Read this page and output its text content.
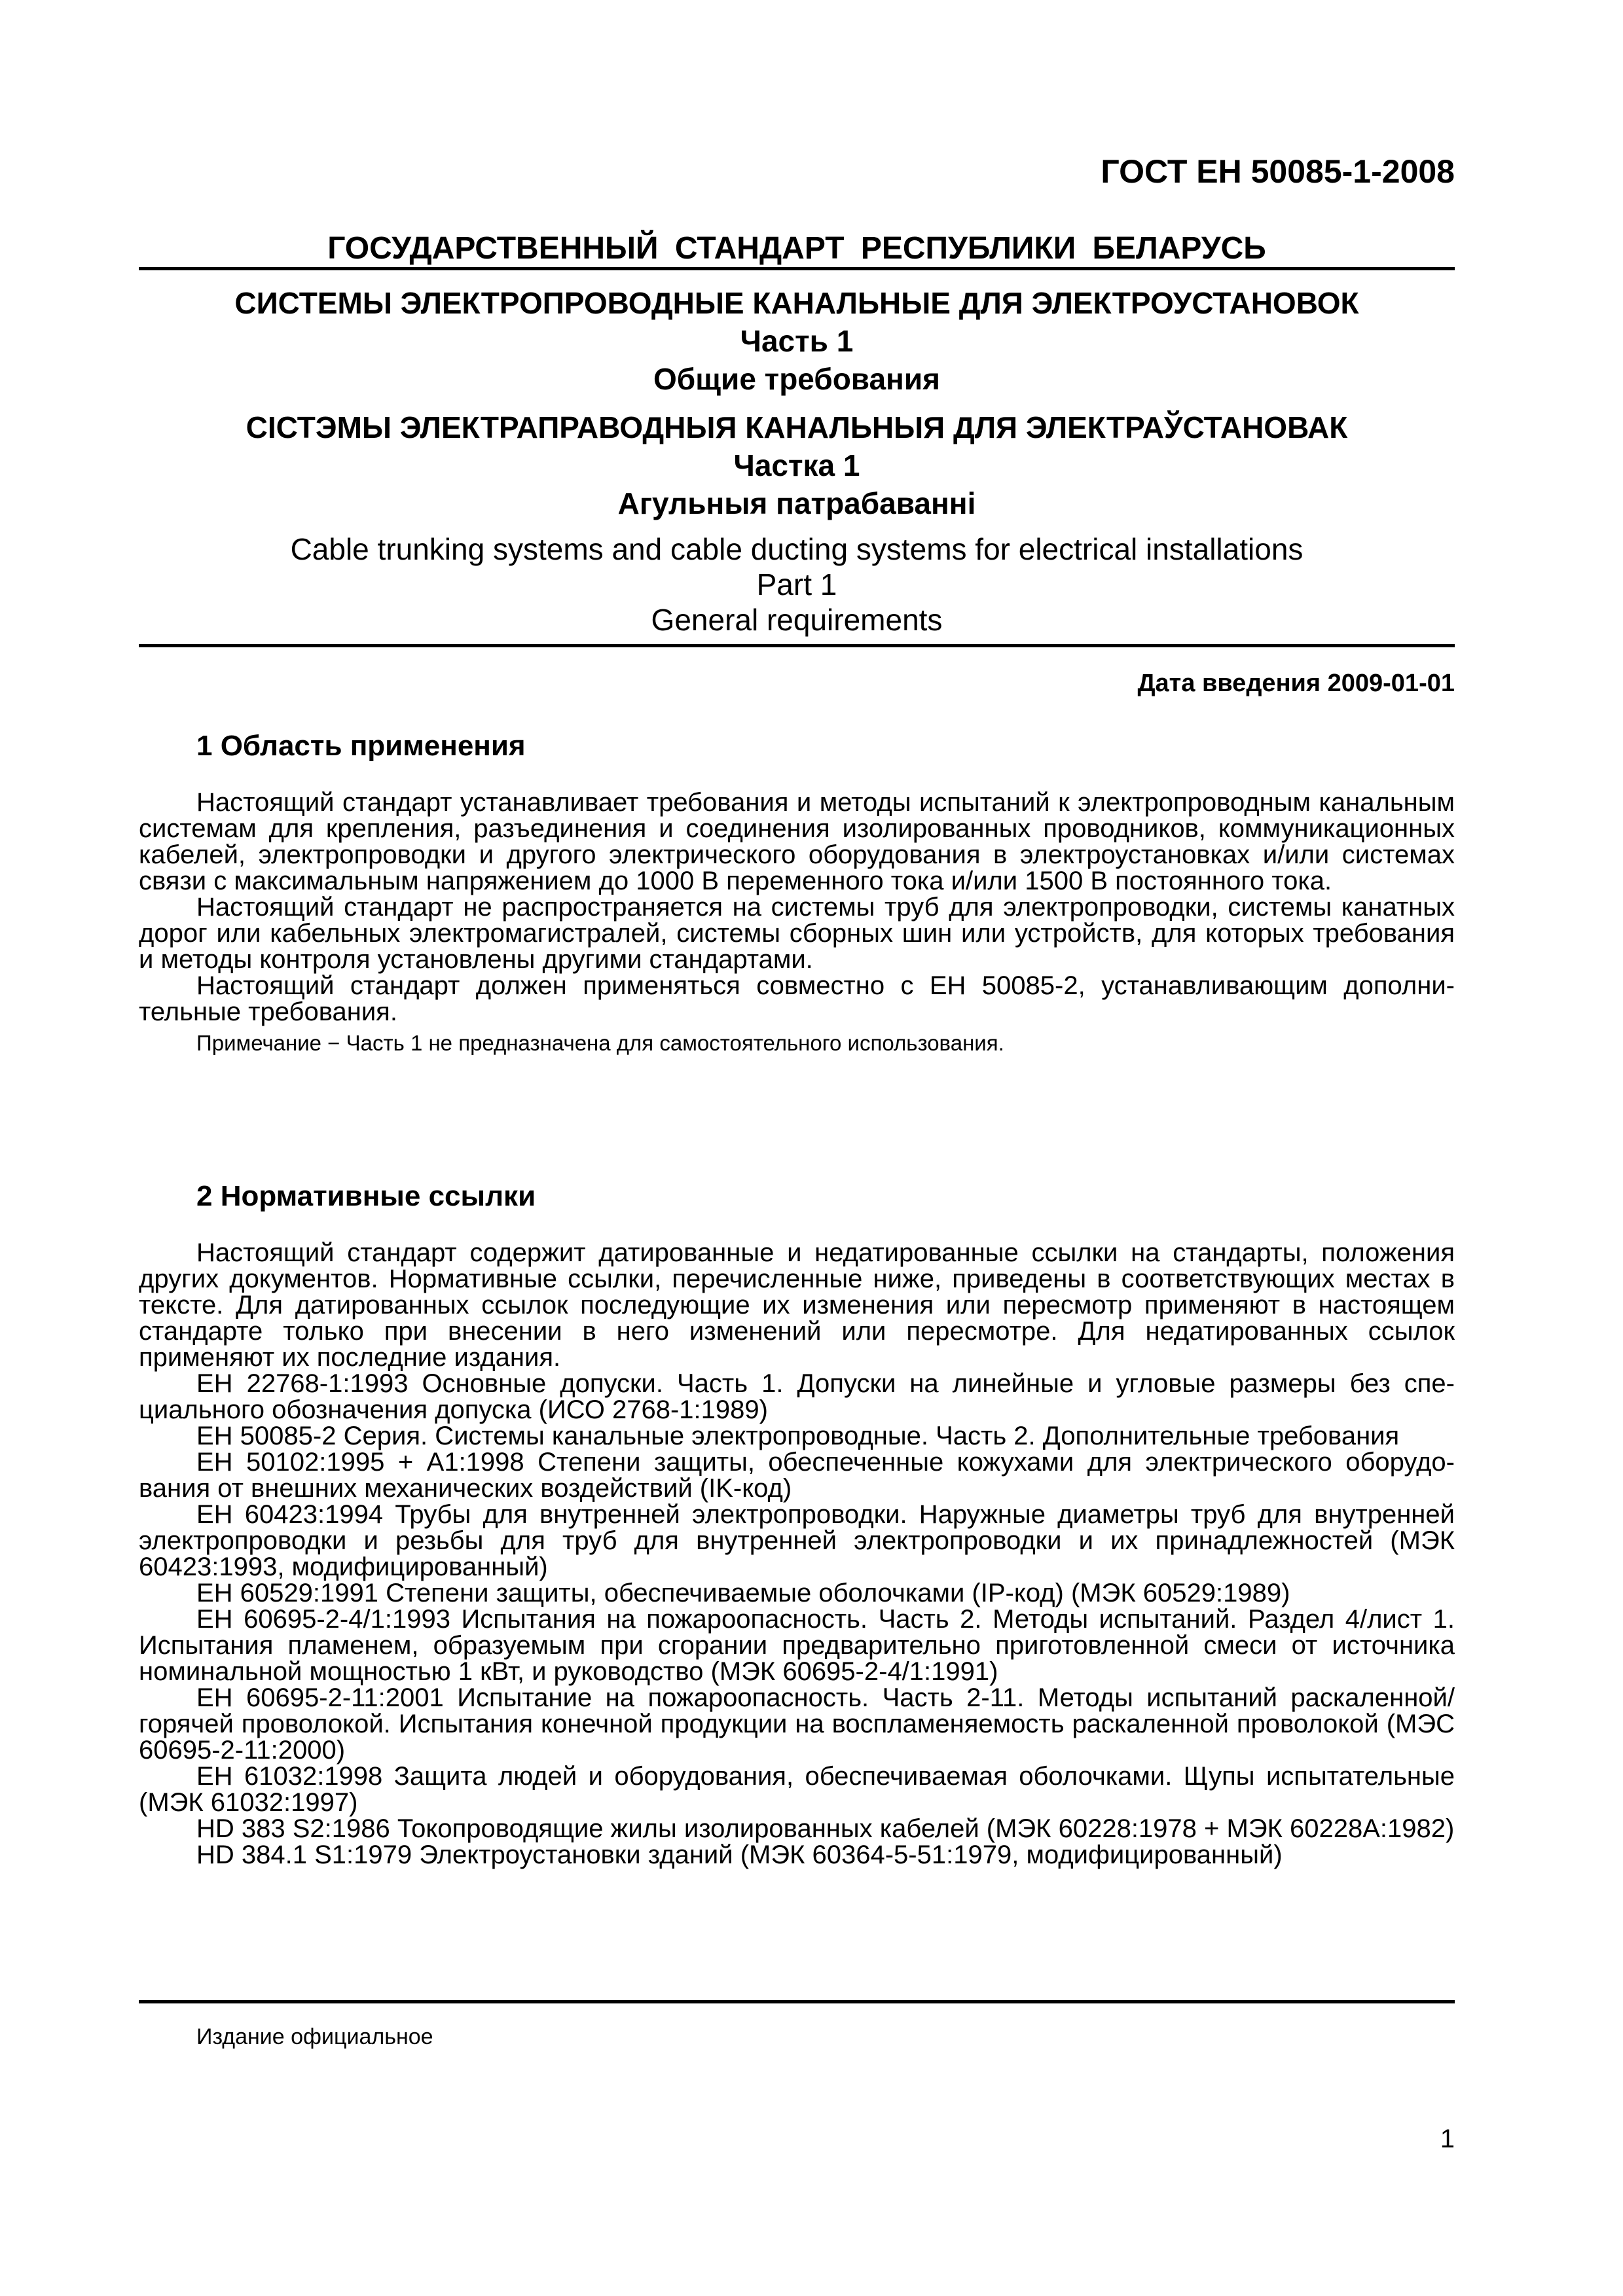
ГОСТ ЕН 50085-1-2008
ГОСУДАРСТВЕННЫЙ СТАНДАРТ РЕСПУБЛИКИ БЕЛАРУСЬ
СИСТЕМЫ ЭЛЕКТРОПРОВОДНЫЕ КАНАЛЬНЫЕ ДЛЯ ЭЛЕКТРОУСТАНОВОК
Часть 1
Общие требования
СІСТЭМЫ ЭЛЕКТРАПРАВОДНЫЯ КАНАЛЬНЫЯ ДЛЯ ЭЛЕКТРАЎСТАНОВАК
Частка 1
Агульныя патрабаванні
Cable trunking systems and cable ducting systems for electrical installations
Part 1
General requirements
Дата введения 2009-01-01
1 Область применения

Настоящий стандарт устанавливает требования и методы испытаний к электропроводным канальным системам для крепления, разъединения и соединения изолированных проводников, коммуникационных кабелей, электропроводки и другого электрического оборудования в электроустановках и/или системах связи с максимальным напряжением до 1000 В переменного тока и/или 1500 В постоянного тока.

Настоящий стандарт не распространяется на системы труб для электропроводки, системы канатных дорог или кабельных электромагистралей, системы сборных шин или устройств, для которых требования и методы контроля установлены другими стандартами.

Настоящий стандарт должен применяться совместно с ЕН 50085-2, устанавливающим дополнительные требования.

Примечание − Часть 1 не предназначена для самостоятельного использования.

2 Нормативные ссылки

Настоящий стандарт содержит датированные и недатированные ссылки на стандарты, положения других документов. Нормативные ссылки, перечисленные ниже, приведены в соответствующих местах в тексте. Для датированных ссылок последующие их изменения или пересмотр применяют в настоящем стандарте только при внесении в него изменений или пересмотре. Для недатированных ссылок применяют их последние издания.

ЕН 22768-1:1993 Основные допуски. Часть 1. Допуски на линейные и угловые размеры без специального обозначения допуска (ИСО 2768-1:1989)

ЕН 50085-2 Серия. Системы канальные электропроводные. Часть 2. Дополнительные требования

ЕН 50102:1995 + А1:1998 Степени защиты, обеспеченные кожухами для электрического оборудования от внешних механических воздействий (IK-код)

ЕН 60423:1994 Трубы для внутренней электропроводки. Наружные диаметры труб для внутренней электропроводки и резьбы для труб для внутренней электропроводки и их принадлежностей (МЭК 60423:1993, модифицированный)

ЕН 60529:1991 Степени защиты, обеспечиваемые оболочками (IP-код) (МЭК 60529:1989)

ЕН 60695-2-4/1:1993 Испытания на пожароопасность. Часть 2. Методы испытаний. Раздел 4/лист 1. Испытания пламенем, образуемым при сгорании предварительно приготовленной смеси от источника номинальной мощностью 1 кВт, и руководство (МЭК 60695-2-4/1:1991)

ЕН 60695-2-11:2001 Испытание на пожароопасность. Часть 2-11. Методы испытаний раскаленной/ горячей проволокой. Испытания конечной продукции на воспламеняемость раскаленной проволокой (МЭС 60695-2-11:2000)

ЕН 61032:1998 Защита людей и оборудования, обеспечиваемая оболочками. Щупы испытательные (МЭК 61032:1997)

HD 383 S2:1986 Токопроводящие жилы изолированных кабелей (МЭК 60228:1978 + МЭК 60228А:1982)

HD 384.1 S1:1979 Электроустановки зданий (МЭК 60364-5-51:1979, модифицированный)

Издание официальное
1
